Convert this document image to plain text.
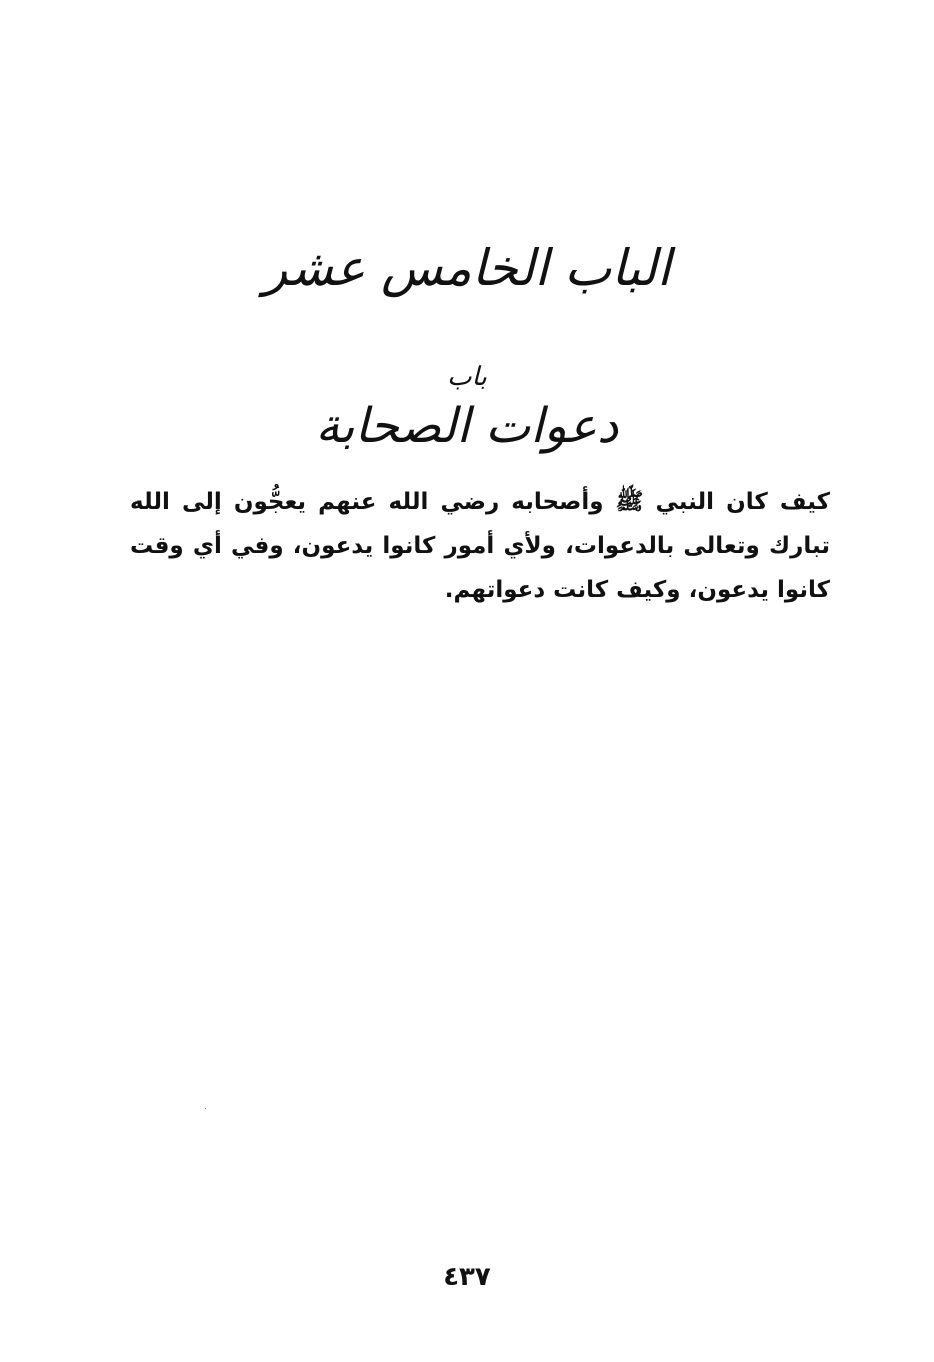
الباب الخامس عشر
باب
دعوات الصحابة

كيف كان النبي ﷺ وأصحابه رضي الله عنهم يعجُّون إلى الله تبارك وتعالى بالدعوات، ولأي أمور كانوا يدعون، وفي أي وقت كانوا يدعون، وكيف كانت دعواتهم.

٤٣٧
